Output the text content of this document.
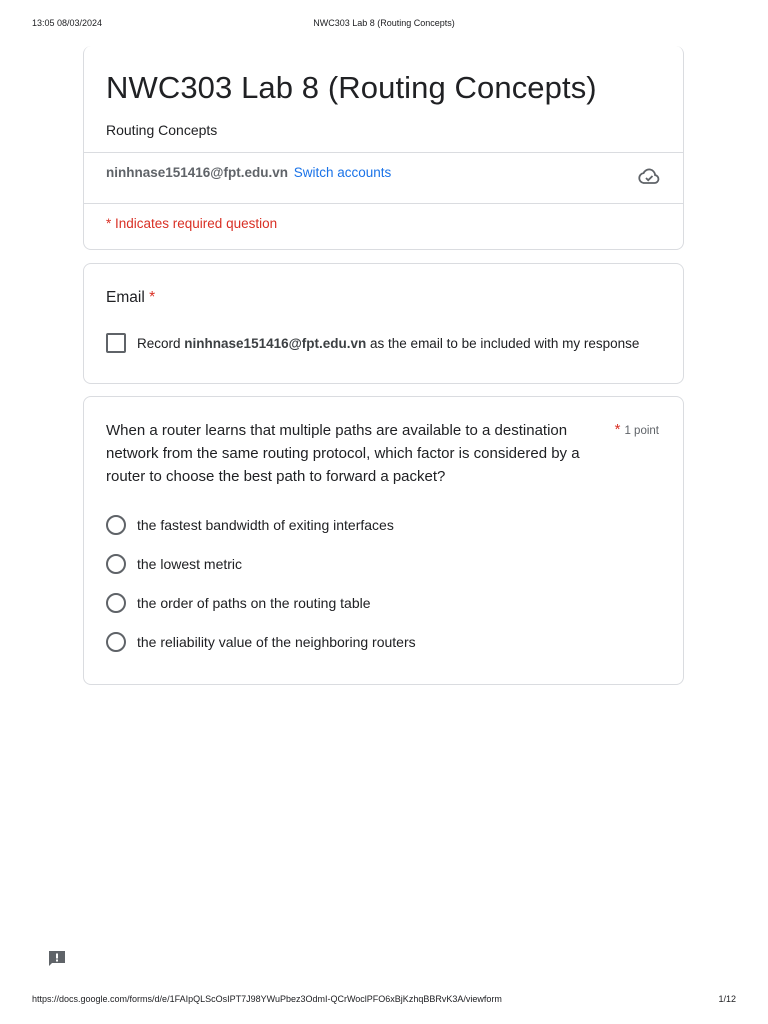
13:05 08/03/2024	NWC303 Lab 8 (Routing Concepts)
NWC303 Lab 8 (Routing Concepts)
Routing Concepts
ninhnase151416@fpt.edu.vn Switch accounts
* Indicates required question
Email *
Record ninhnase151416@fpt.edu.vn as the email to be included with my response
When a router learns that multiple paths are available to a destination network from the same routing protocol, which factor is considered by a router to choose the best path to forward a packet?
* 1 point
the fastest bandwidth of exiting interfaces
the lowest metric
the order of paths on the routing table
the reliability value of the neighboring routers
https://docs.google.com/forms/d/e/1FAIpQLScOsIPT7J98YWuPbez3OdmI-QCrWoclPFO6xBjKzhqBBRvK3A/viewform	1/12
